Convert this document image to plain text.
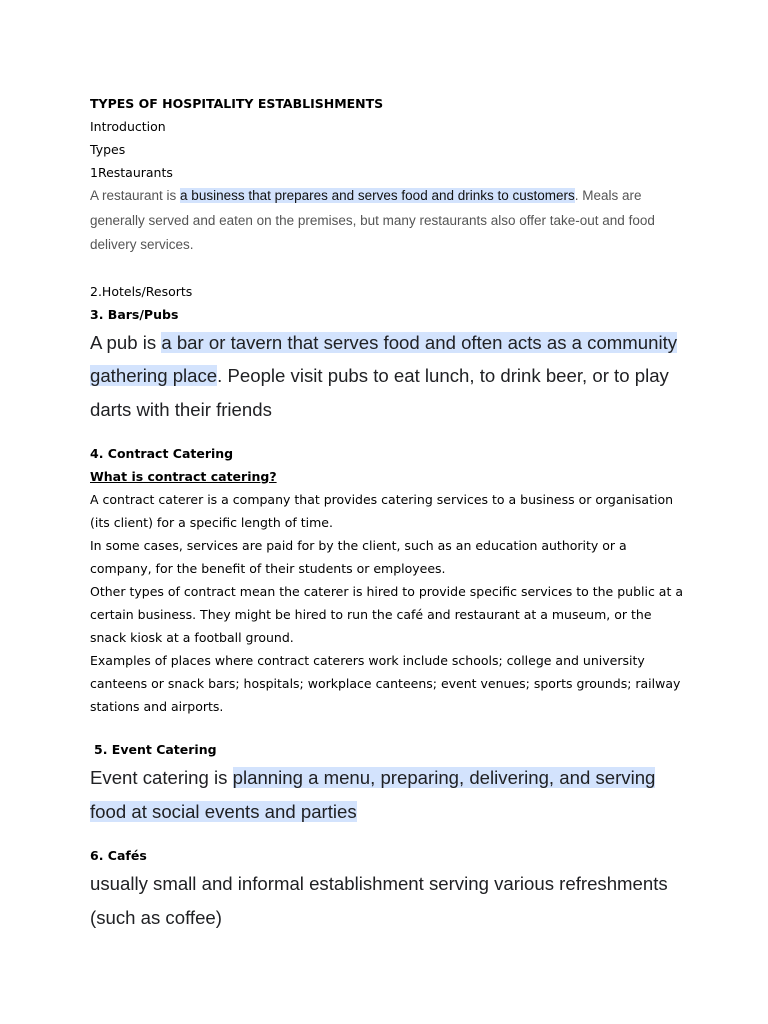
TYPES OF HOSPITALITY ESTABLISHMENTS

Introduction

Types

1Restaurants

A restaurant is a business that prepares and serves food and drinks to customers. Meals are generally served and eaten on the premises, but many restaurants also offer take-out and food delivery services.

2.Hotels/Resorts

3. Bars/Pubs

A pub is a bar or tavern that serves food and often acts as a community gathering place. People visit pubs to eat lunch, to drink beer, or to play darts with their friends

4. Contract Catering

What is contract catering?

A contract caterer is a company that provides catering services to a business or organisation (its client) for a specific length of time.

In some cases, services are paid for by the client, such as an education authority or a company, for the benefit of their students or employees.

Other types of contract mean the caterer is hired to provide specific services to the public at a certain business. They might be hired to run the café and restaurant at a museum, or the snack kiosk at a football ground.

Examples of places where contract caterers work include schools; college and university canteens or snack bars; hospitals; workplace canteens; event venues; sports grounds; railway stations and airports.

5. Event Catering

Event catering is planning a menu, preparing, delivering, and serving food at social events and parties

6. Cafés

usually small and informal establishment serving various refreshments (such as coffee)
